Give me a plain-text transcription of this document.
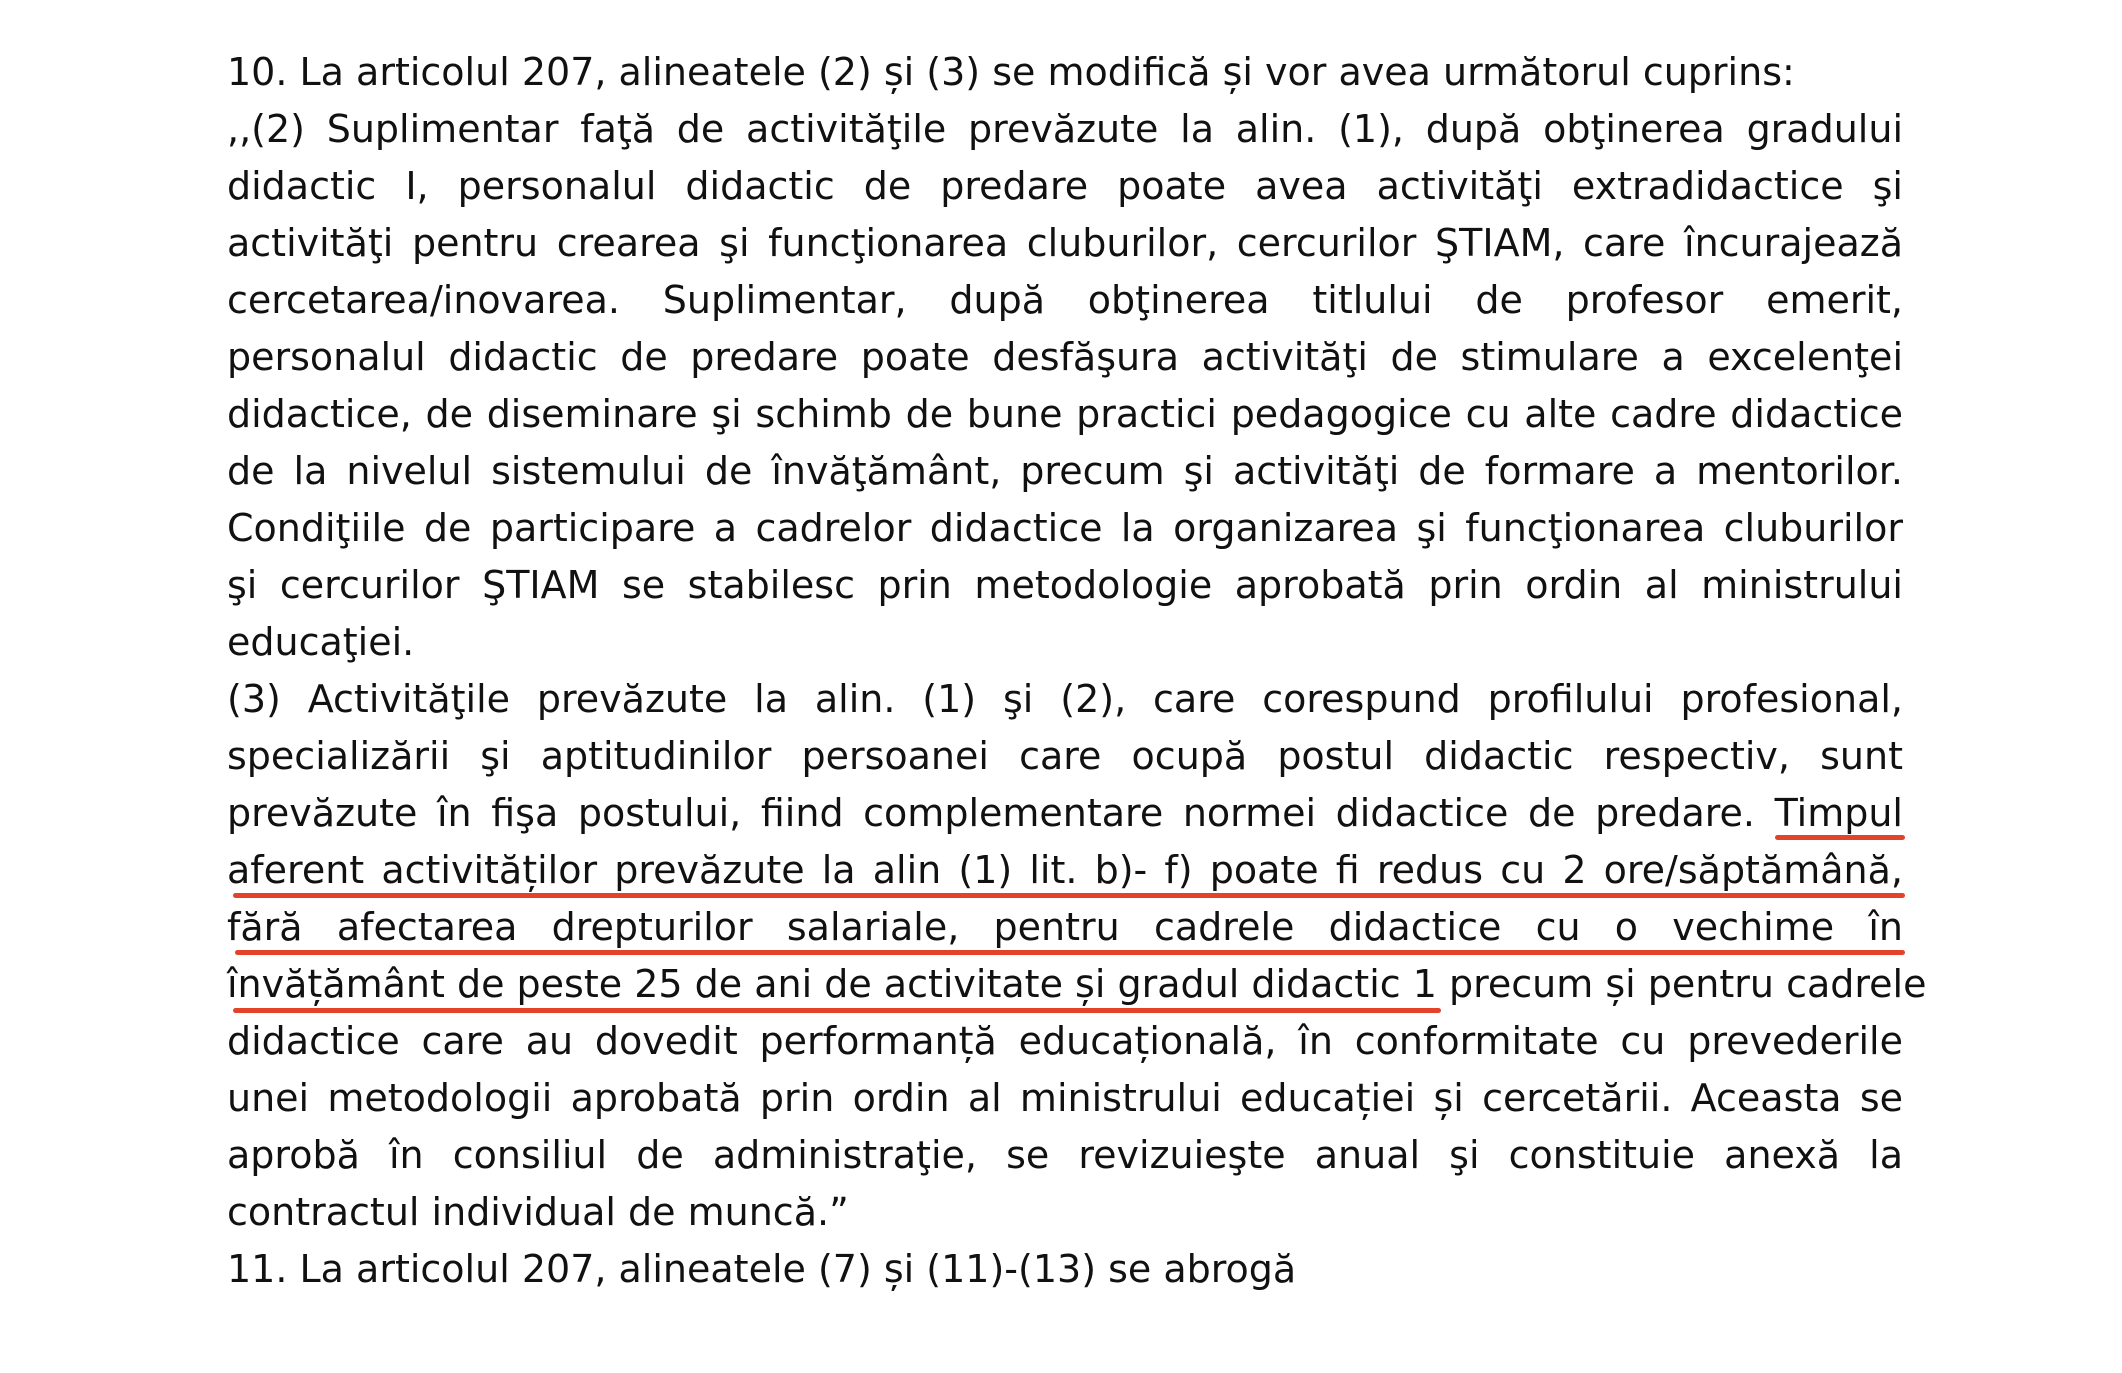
10. La articolul 207, alineatele (2) și (3) se modifică și vor avea următorul cuprins:
,,(2) Suplimentar faţă de activităţile prevăzute la alin. (1), după obţinerea gradului
didactic I, personalul didactic de predare poate avea activităţi extradidactice şi
activităţi pentru crearea şi funcţionarea cluburilor, cercurilor ŞTIAM, care încurajează
cercetarea/inovarea. Suplimentar, după obţinerea titlului de profesor emerit,
personalul didactic de predare poate desfăşura activităţi de stimulare a excelenţei
didactice, de diseminare şi schimb de bune practici pedagogice cu alte cadre didactice
de la nivelul sistemului de învăţământ, precum şi activităţi de formare a mentorilor.
Condiţiile de participare a cadrelor didactice la organizarea şi funcţionarea cluburilor
şi cercurilor ŞTIAM se stabilesc prin metodologie aprobată prin ordin al ministrului
educaţiei.
(3) Activităţile prevăzute la alin. (1) şi (2), care corespund profilului profesional,
specializării şi aptitudinilor persoanei care ocupă postul didactic respectiv, sunt
prevăzute în fişa postului, fiind complementare normei didactice de predare. Timpul
aferent activităților prevăzute la alin (1) lit. b)- f) poate fi redus cu 2 ore/săptămână,
fără afectarea drepturilor salariale, pentru cadrele didactice cu o vechime în
învățământ de peste 25 de ani de activitate și gradul didactic 1
precum și pentru cadrele
didactice care au dovedit performanță educațională, în conformitate cu prevederile
unei metodologii aprobată prin ordin al ministrului educației și cercetării. Aceasta se
aprobă în consiliul de administraţie, se revizuieşte anual şi constituie anexă la
contractul individual de muncă.”
11. La articolul 207, alineatele (7) și (11)-(13) se abrogă
